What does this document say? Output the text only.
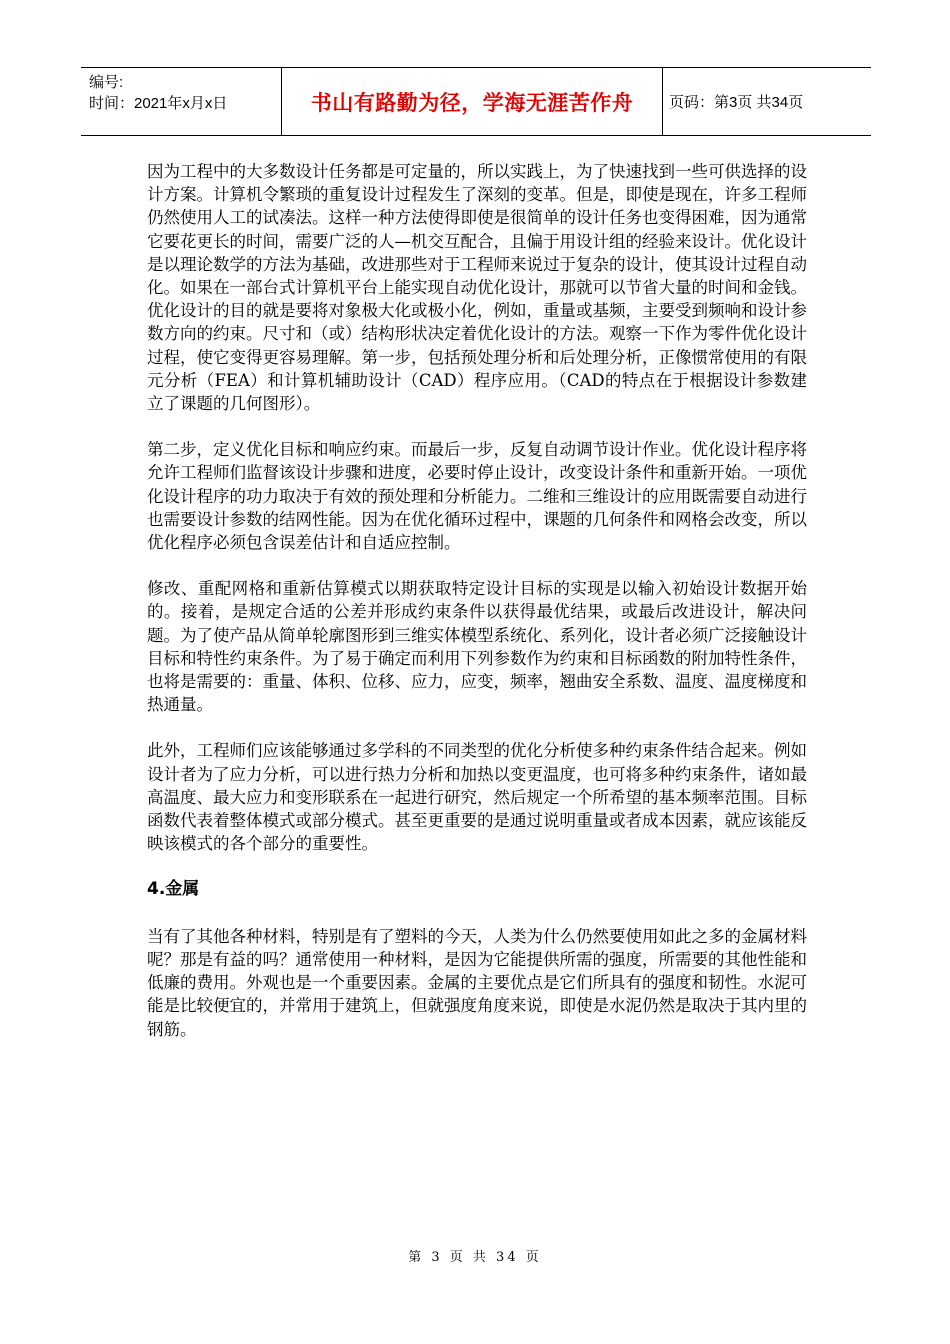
编号:
时间：2021年x月x日	书山有路勤为径，学海无涯苦作舟	页码：第3页 共34页

因为工程中的大多数设计任务都是可定量的，所以实践上，为了快速找到一些可供选择的设计方案。计算机令繁琐的重复设计过程发生了深刻的变革。但是，即使是现在，许多工程师仍然使用人工的试凑法。这样一种方法使得即使是很简单的设计任务也变得困难，因为通常它要花更长的时间，需要广泛的人—机交互配合，且偏于用设计组的经验来设计。优化设计是以理论数学的方法为基础，改进那些对于工程师来说过于复杂的设计，使其设计过程自动化。如果在一部台式计算机平台上能实现自动优化设计，那就可以节省大量的时间和金钱。优化设计的目的就是要将对象极大化或极小化，例如，重量或基频，主要受到频响和设计参数方向的约束。尺寸和（或）结构形状决定着优化设计的方法。观察一下作为零件优化设计过程，使它变得更容易理解。第一步，包括预处理分析和后处理分析，正像惯常使用的有限元分析（FEA）和计算机辅助设计（CAD）程序应用。（CAD的特点在于根据设计参数建立了课题的几何图形）。

第二步，定义优化目标和响应约束。而最后一步，反复自动调节设计作业。优化设计程序将允许工程师们监督该设计步骤和进度，必要时停止设计，改变设计条件和重新开始。一项优化设计程序的功力取决于有效的预处理和分析能力。二维和三维设计的应用既需要自动进行也需要设计参数的结网性能。因为在优化循环过程中，课题的几何条件和网格会改变，所以优化程序必须包含误差估计和自适应控制。

修改、重配网格和重新估算模式以期获取特定设计目标的实现是以输入初始设计数据开始的。接着，是规定合适的公差并形成约束条件以获得最优结果，或最后改进设计，解决问题。为了使产品从简单轮廓图形到三维实体模型系统化、系列化，设计者必须广泛接触设计目标和特性约束条件。为了易于确定而利用下列参数作为约束和目标函数的附加特性条件，也将是需要的：重量、体积、位移、应力，应变，频率，翘曲安全系数、温度、温度梯度和热通量。

此外，工程师们应该能够通过多学科的不同类型的优化分析使多种约束条件结合起来。例如设计者为了应力分析，可以进行热力分析和加热以变更温度，也可将多种约束条件，诸如最高温度、最大应力和变形联系在一起进行研究，然后规定一个所希望的基本频率范围。目标函数代表着整体模式或部分模式。甚至更重要的是通过说明重量或者成本因素，就应该能反映该模式的各个部分的重要性。

4.金属

当有了其他各种材料，特别是有了塑料的今天，人类为什么仍然要使用如此之多的金属材料呢？那是有益的吗？通常使用一种材料，是因为它能提供所需的强度，所需要的其他性能和低廉的费用。外观也是一个重要因素。金属的主要优点是它们所具有的强度和韧性。水泥可能是比较便宜的，并常用于建筑上，但就强度角度来说，即使是水泥仍然是取决于其内里的钢筋。

第 3 页 共 34 页
